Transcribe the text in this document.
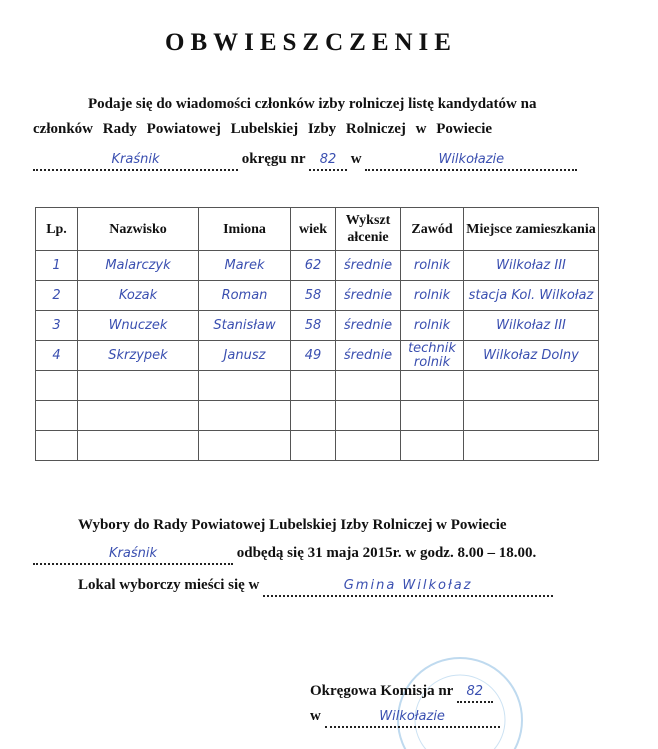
OBWIESZCZENIE
Podaje się do wiadomości członków izby rolniczej listę kandydatów na
członków Rady Powiatowej Lubelskiej Izby Rolniczej w Powiecie
Kraśnik	okręgu nr 82 w	Wilkołazie
Lp.	Nazwisko	Imiona	wiek	Wykszt ałcenie	Zawód	Miejsce zamieszkania
1	Malarczyk	Marek	62	średnie	rolnik	Wilkołaz III
2	Kozak	Roman	58	średnie	rolnik	stacja Kol. Wilkołaz
3	Wnuczek	Stanisław	58	średnie	rolnik	Wilkołaz III
4	Skrzypek	Janusz	49	średnie	technik rolnik	Wilkołaz Dolny

Wybory do Rady Powiatowej Lubelskiej Izby Rolniczej w Powiecie
Kraśnik	odbędą się 31 maja 2015r. w godz. 8.00 – 18.00.
Lokal wyborczy mieści się w	Gmina Wilkołaz
Okręgowa Komisja nr 82
w	Wilkołazie
